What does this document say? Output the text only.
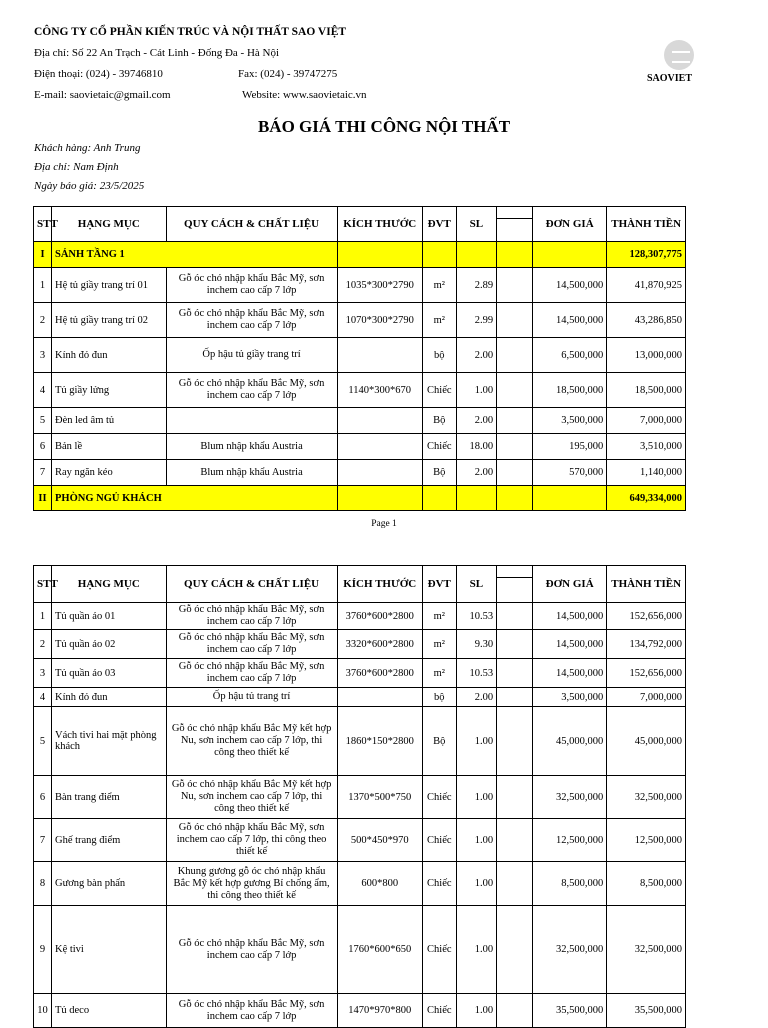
CÔNG TY CỔ PHẦN KIẾN TRÚC VÀ NỘI THẤT SAO VIỆT
Địa chỉ: Số 22 An Trạch - Cát Linh - Đống Đa - Hà Nội
Điện thoại: (024) - 39746810	Fax: (024) - 39747275
E-mail: saovietaic@gmail.com	Website: www.saovietaic.vn
SAOVIET
BÁO GIÁ THI CÔNG NỘI THẤT
Khách hàng: Anh Trung
Địa chỉ: Nam Định
Ngày báo giá: 23/5/2025
STT	HẠNG MỤC	QUY CÁCH & CHẤT LIỆU	KÍCH THƯỚC	ĐVT	SL			ĐƠN GIÁ	THÀNH TIỀN
I	SẢNH TẦNG 1							128,307,775
1	Hệ tủ giầy trang trí 01	Gỗ óc chó nhập khẩu Bắc Mỹ, sơn inchem cao cấp 7 lớp	1035*300*2790	m²	2.89		14,500,000	41,870,925
2	Hệ tủ giầy trang trí 02	Gỗ óc chó nhập khẩu Bắc Mỹ, sơn inchem cao cấp 7 lớp	1070*300*2790	m²	2.99		14,500,000	43,286,850
3	Kính đỏ đun	Ốp hậu tủ giầy trang trí		bộ	2.00		6,500,000	13,000,000
4	Tủ giầy lửng	Gỗ óc chó nhập khẩu Bắc Mỹ, sơn inchem cao cấp 7 lớp	1140*300*670	Chiếc	1.00		18,500,000	18,500,000
5	Đèn led âm tủ			Bộ	2.00		3,500,000	7,000,000
6	Bản lề	Blum nhập khẩu Austria		Chiếc	18.00		195,000	3,510,000
7	Ray ngăn kéo	Blum nhập khẩu Austria		Bộ	2.00		570,000	1,140,000
II	PHÒNG NGỦ KHÁCH							649,334,000
Page 1
STT	HẠNG MỤC	QUY CÁCH & CHẤT LIỆU	KÍCH THƯỚC	ĐVT	SL			ĐƠN GIÁ	THÀNH TIỀN
1	Tủ quần áo 01	Gỗ óc chó nhập khẩu Bắc Mỹ, sơn inchem cao cấp 7 lớp	3760*600*2800	m²	10.53		14,500,000	152,656,000
2	Tủ quần áo 02	Gỗ óc chó nhập khẩu Bắc Mỹ, sơn inchem cao cấp 7 lớp	3320*600*2800	m²	9.30		14,500,000	134,792,000
3	Tủ quần áo 03	Gỗ óc chó nhập khẩu Bắc Mỹ, sơn inchem cao cấp 7 lớp	3760*600*2800	m²	10.53		14,500,000	152,656,000
4	Kính đỏ đun	Ốp hậu tủ trang trí		bộ	2.00		3,500,000	7,000,000
5	Vách tivi hai mặt phòng khách	Gỗ óc chó nhập khẩu Bắc Mỹ kết hợp Nu, sơn inchem cao cấp 7 lớp, thi công theo thiết kế	1860*150*2800	Bộ	1.00		45,000,000	45,000,000
6	Bàn trang điểm	Gỗ óc chó nhập khẩu Bắc Mỹ kết hợp Nu, sơn inchem cao cấp 7 lớp, thi công theo thiết kế	1370*500*750	Chiếc	1.00		32,500,000	32,500,000
7	Ghế trang điểm	Gỗ óc chó nhập khẩu Bắc Mỹ, sơn inchem cao cấp 7 lớp, thi công theo thiết kế	500*450*970	Chiếc	1.00		12,500,000	12,500,000
8	Gương bàn phấn	Khung gương gỗ óc chó nhập khẩu Bắc Mỹ kết hợp gương Bỉ chống ẩm, thi công theo thiết kế	600*800	Chiếc	1.00		8,500,000	8,500,000
9	Kệ tivi	Gỗ óc chó nhập khẩu Bắc Mỹ, sơn inchem cao cấp 7 lớp	1760*600*650	Chiếc	1.00		32,500,000	32,500,000
10	Tủ deco	Gỗ óc chó nhập khẩu Bắc Mỹ, sơn inchem cao cấp 7 lớp	1470*970*800	Chiếc	1.00		35,500,000	35,500,000
